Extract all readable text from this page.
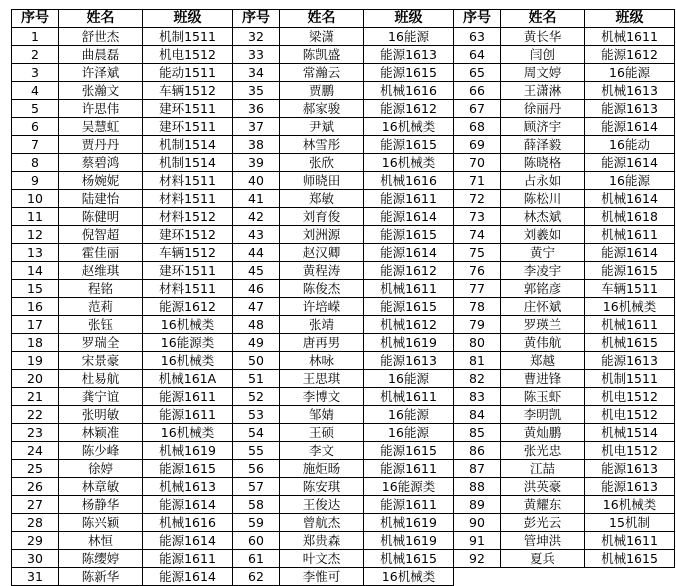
序号	姓名	班级	序号	姓名	班级	序号	姓名	班级
1	舒世杰	机制1511	32	梁潇	16能源	63	黄长华	机械1611
2	曲晨磊	机电1512	33	陈凯盛	能源1613	64	闫创	能源1612
3	许泽斌	能动1511	34	常瀚云	能源1615	65	周文婷	16能源
4	张瀚文	车辆1512	35	贾鹏	机械1616	66	王潇淋	机械1613
5	许思伟	建环1511	36	郝家骏	能源1612	67	徐丽丹	能源1613
6	吴慧虹	建环1511	37	尹斌	16机械类	68	顾济宇	能源1614
7	贾丹丹	机制1514	38	林雪彤	能源1615	69	薛泽毅	16能动
8	蔡碧鸿	机制1514	39	张欣	16机械类	70	陈晓格	能源1614
9	杨婉妮	材料1511	40	师晓田	机械1616	71	占永如	16能源
10	陆建怡	材料1511	41	郑敏	能源1611	72	陈松川	机械1614
11	陈健明	材料1512	42	刘育俊	能源1614	73	林杰斌	机械1618
12	倪智超	建环1512	43	刘洲源	能源1615	74	刘羲如	机械1611
13	霍佳丽	车辆1512	44	赵汉卿	能源1614	75	黄宁	能源1614
14	赵维琪	建环1511	45	黄程涛	能源1612	76	李凌宇	能源1615
15	程铭	材料1511	46	陈俊杰	机械1611	77	郭铭彦	车辆1511
16	范莉	能源1612	47	许培嵘	能源1615	78	庄怀斌	16机械类
17	张钰	16机械类	48	张靖	机械1612	79	罗瑛兰	机械1611
18	罗瑞全	16能源类	49	唐再男	机械1619	80	黄伟航	机械1615
19	宋景豪	16机械类	50	林咏	能源1613	81	郑越	能源1613
20	杜易航	机械161A	51	王思琪	16能源	82	曹进锋	机制1511
21	龚宁谊	能源1611	52	李博文	机械1611	83	陈玉虾	机电1512
22	张明敏	能源1611	53	邹婧	16能源	84	李明凯	机电1512
23	林颖准	16机械类	54	王硕	16能源	85	黄灿鹏	机械1514
24	陈少峰	机械1619	55	李文	能源1615	86	张光忠	机电1512
25	徐婷	能源1615	56	施炬旸	能源1611	87	江喆	能源1613
26	林章敏	机械1613	57	陈安琪	16能源类	88	洪英豪	能源1613
27	杨静华	能源1614	58	王俊达	能源1611	89	黄耀东	16机械类
28	陈兴颖	机械1616	59	曾航杰	机械1619	90	彭光云	15机制
29	林恒	能源1614	60	郑贵森	机械1619	91	管坤洪	机械1611
30	陈缨婷	能源1611	61	叶文杰	机械1615	92	夏兵	机械1615
31	陈新华	能源1614	62	李惟可	16机械类			
